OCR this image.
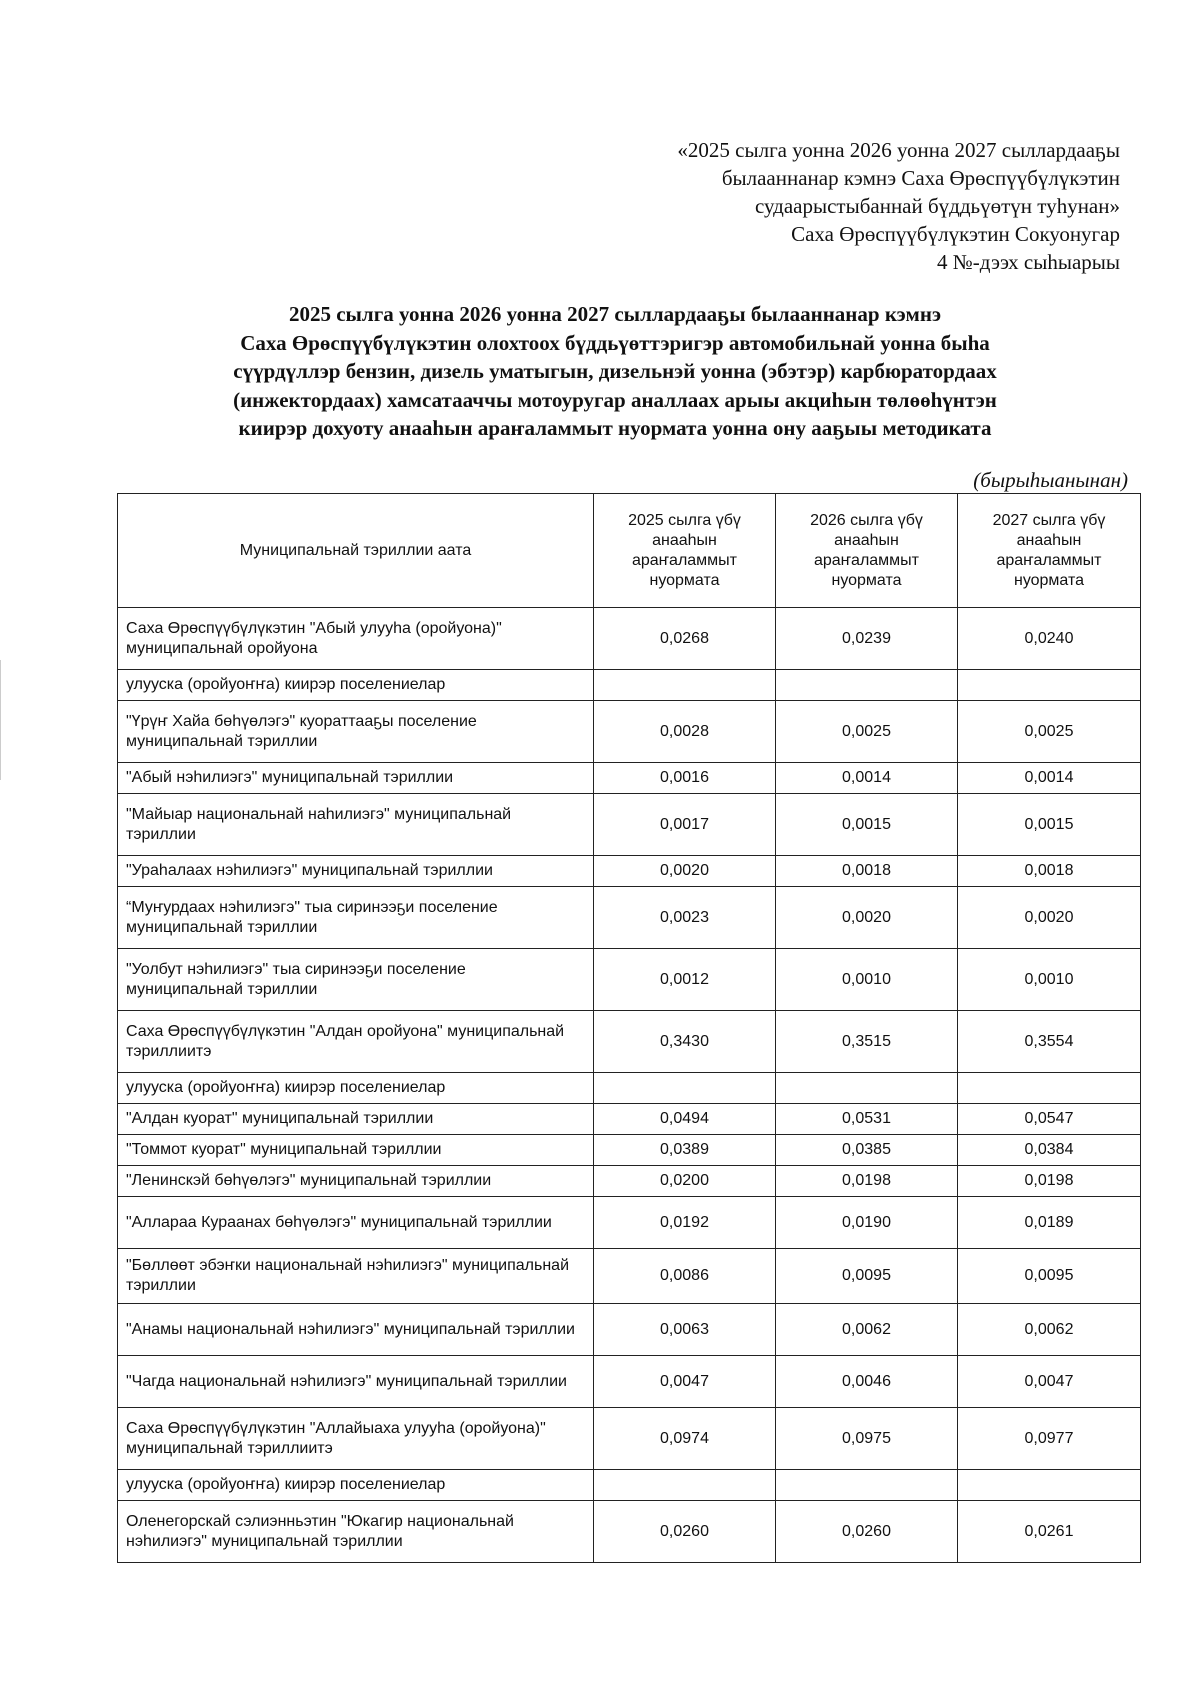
«2025 сылга уонна 2026 уонна 2027 сыллардааҕы
былааннанар кэмнэ Саха Өрөспүүбүлүкэтин
судаарыстыбаннай бүддьүөтүн туһунан»
Саха Өрөспүүбүлүкэтин Сокуонугар
4 №-дээх сыһыарыы
2025 сылга уонна 2026 уонна 2027 сыллардааҕы былааннанар кэмнэ
Саха Өрөспүүбүлүкэтин олохтоох бүддьүөттэригэр автомобильнай уонна быһа
сүүрдүллэр бензин, дизель уматыгын, дизельнэй уонна (эбэтэр) карбюратордаах
(инжектордаах) хамсатааччы мотоуругар аналлаах арыы акциһын төлөөһүнтэн
киирэр дохуоту анааһын араҥаламмыт нуормата уонна ону ааҕыы методиката
(бырыһыанынан)
Муниципальнай тэриллии аата	2025 сылга үбү анааһын араҥаламмыт нуормата	2026 сылга үбү анааһын араҥаламмыт нуормата	2027 сылга үбү анааһын араҥаламмыт нуормата
Саха Өрөспүүбүлүкэтин "Абый улууһа (оройуона)" муниципальнай оройуона	0,0268	0,0239	0,0240
улууска (оройуоҥҥа) киирэр поселениелар			
"Үрүҥ Хайа бөһүөлэгэ" куораттааҕы поселение муниципальнай тэриллии	0,0028	0,0025	0,0025
"Абый нэһилиэгэ" муниципальнай тэриллии	0,0016	0,0014	0,0014
"Майыар национальнай наһилиэгэ" муниципальнай тэриллии	0,0017	0,0015	0,0015
"Ураһалаах нэһилиэгэ" муниципальнай тэриллии	0,0020	0,0018	0,0018
“Муҥурдаах нэһилиэгэ" тыа сиринээҕи поселение муниципальнай тэриллии	0,0023	0,0020	0,0020
"Уолбут нэһилиэгэ" тыа сиринээҕи поселение муниципальнай тэриллии	0,0012	0,0010	0,0010
Саха Өрөспүүбүлүкэтин "Алдан оройуона" муниципальнай тэриллиитэ	0,3430	0,3515	0,3554
улууска (оройуоҥҥа) киирэр поселениелар			
"Алдан куорат" муниципальнай тэриллии	0,0494	0,0531	0,0547
"Томмот куорат" муниципальнай тэриллии	0,0389	0,0385	0,0384
"Ленинскэй бөһүөлэгэ" муниципальнай тэриллии	0,0200	0,0198	0,0198
"Аллараа Кураанах бөһүөлэгэ" муниципальнай тэриллии	0,0192	0,0190	0,0189
"Бөллөөт эбэҥки национальнай нэһилиэгэ" муниципальнай тэриллии	0,0086	0,0095	0,0095
"Анамы национальнай нэһилиэгэ" муниципальнай тэриллии	0,0063	0,0062	0,0062
"Чагда национальнай нэһилиэгэ" муниципальнай тэриллии	0,0047	0,0046	0,0047
Саха Өрөспүүбүлүкэтин "Аллайыаха улууһа (оройуона)" муниципальнай тэриллиитэ	0,0974	0,0975	0,0977
улууска (оройуоҥҥа) киирэр поселениелар			
Оленегорскай сэлиэнньэтин "Юкагир национальнай нэһилиэгэ" муниципальнай тэриллии	0,0260	0,0260	0,0261
